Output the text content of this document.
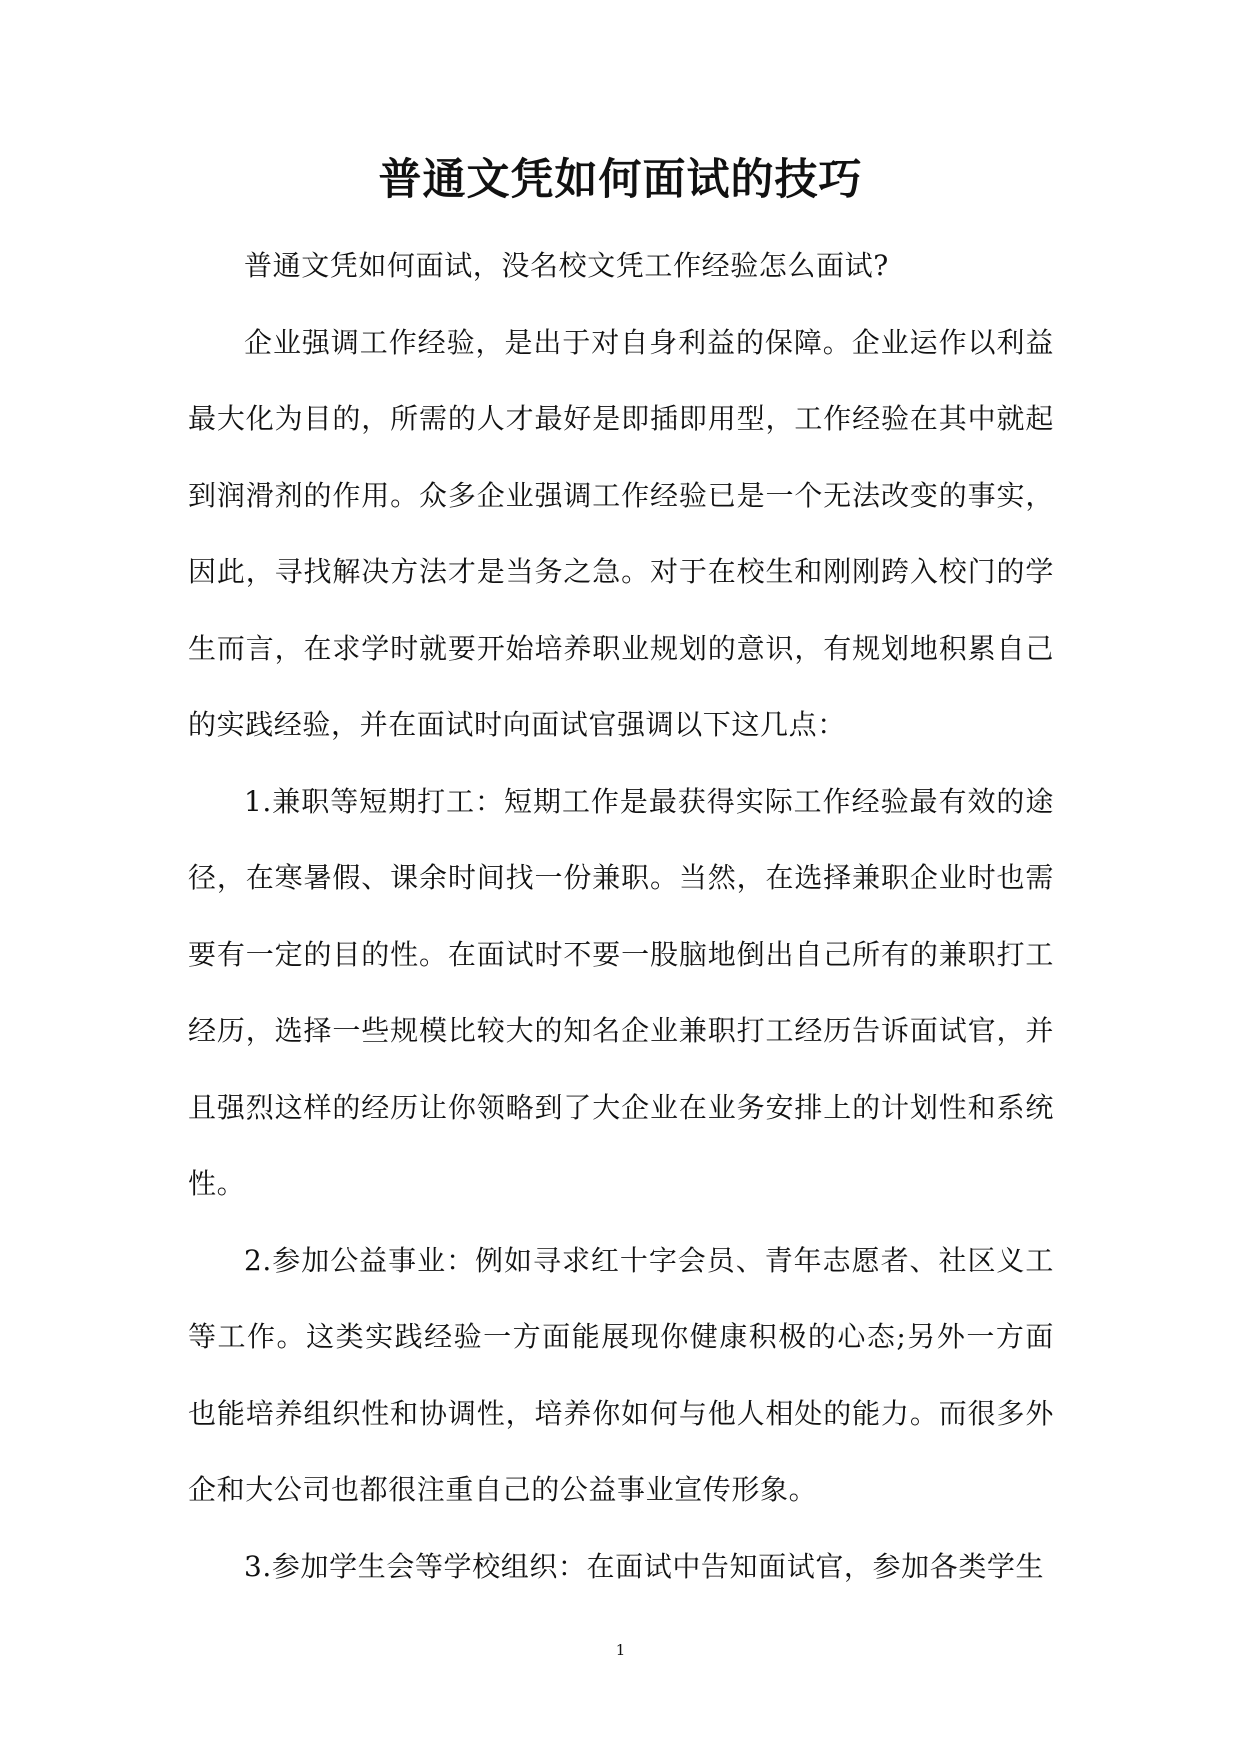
普通文凭如何面试的技巧

普通文凭如何面试，没名校文凭工作经验怎么面试?

企业强调工作经验，是出于对自身利益的保障。企业运作以利益最大化为目的，所需的人才最好是即插即用型，工作经验在其中就起到润滑剂的作用。众多企业强调工作经验已是一个无法改变的事实，因此，寻找解决方法才是当务之急。对于在校生和刚刚跨入校门的学生而言，在求学时就要开始培养职业规划的意识，有规划地积累自己的实践经验，并在面试时向面试官强调以下这几点：

1.兼职等短期打工：短期工作是最获得实际工作经验最有效的途径，在寒暑假、课余时间找一份兼职。当然，在选择兼职企业时也需要有一定的目的性。在面试时不要一股脑地倒出自己所有的兼职打工经历，选择一些规模比较大的知名企业兼职打工经历告诉面试官，并且强烈这样的经历让你领略到了大企业在业务安排上的计划性和系统性。

2.参加公益事业：例如寻求红十字会员、青年志愿者、社区义工等工作。这类实践经验一方面能展现你健康积极的心态;另外一方面也能培养组织性和协调性，培养你如何与他人相处的能力。而很多外企和大公司也都很注重自己的公益事业宣传形象。

3.参加学生会等学校组织：在面试中告知面试官，参加各类学生

1
